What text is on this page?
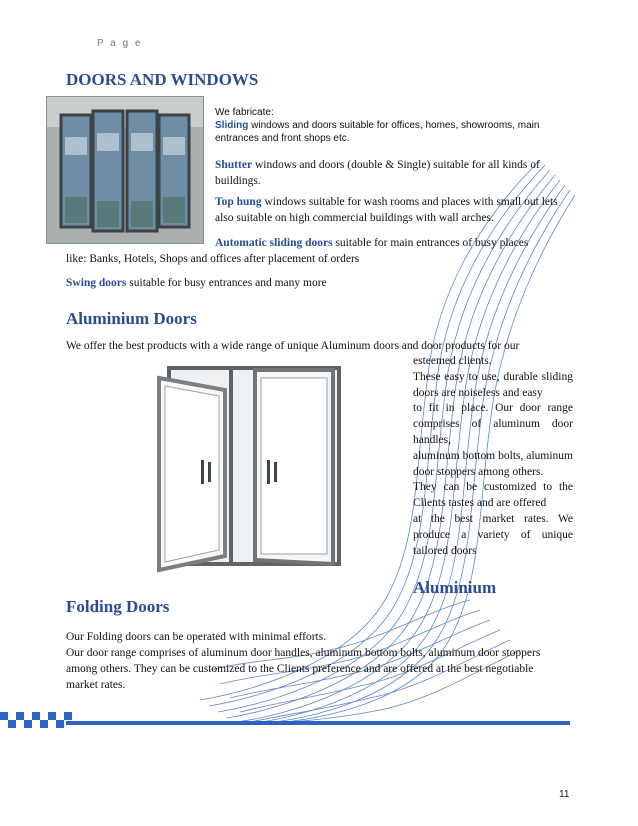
P a g e
DOORS AND WINDOWS
We fabricate:
Sliding windows and doors suitable for offices, homes, showrooms, main entrances and front shops etc.
Shutter windows and doors (double & Single) suitable for all kinds of buildings.
Top hung windows suitable for wash rooms and places with small out lets also suitable on high commercial buildings with wall arches.
Automatic sliding doors suitable for main entrances of busy places
like: Banks, Hotels, Shops and offices after placement of orders
Swing doors suitable for busy entrances and many more
Aluminium Doors
We offer the best products with a wide range of unique Aluminum doors and door products for our
esteemed clients.
These easy to use, durable sliding doors are noiseless and easy
to fit in place. Our door range comprises of aluminum door handles,
aluminum bottom bolts, aluminum door stoppers among others.
They can be customized to the Clients tastes and are offered
at the best market rates. We produce a variety of unique tailored doors
Aluminium
Folding Doors
Our Folding doors can be operated with minimal efforts.
Our door range comprises of aluminum door handles, aluminum bottom bolts, aluminum door stoppers among others. They can be customized to the Clients preference and are offered at the best negotiable market rates.
11
